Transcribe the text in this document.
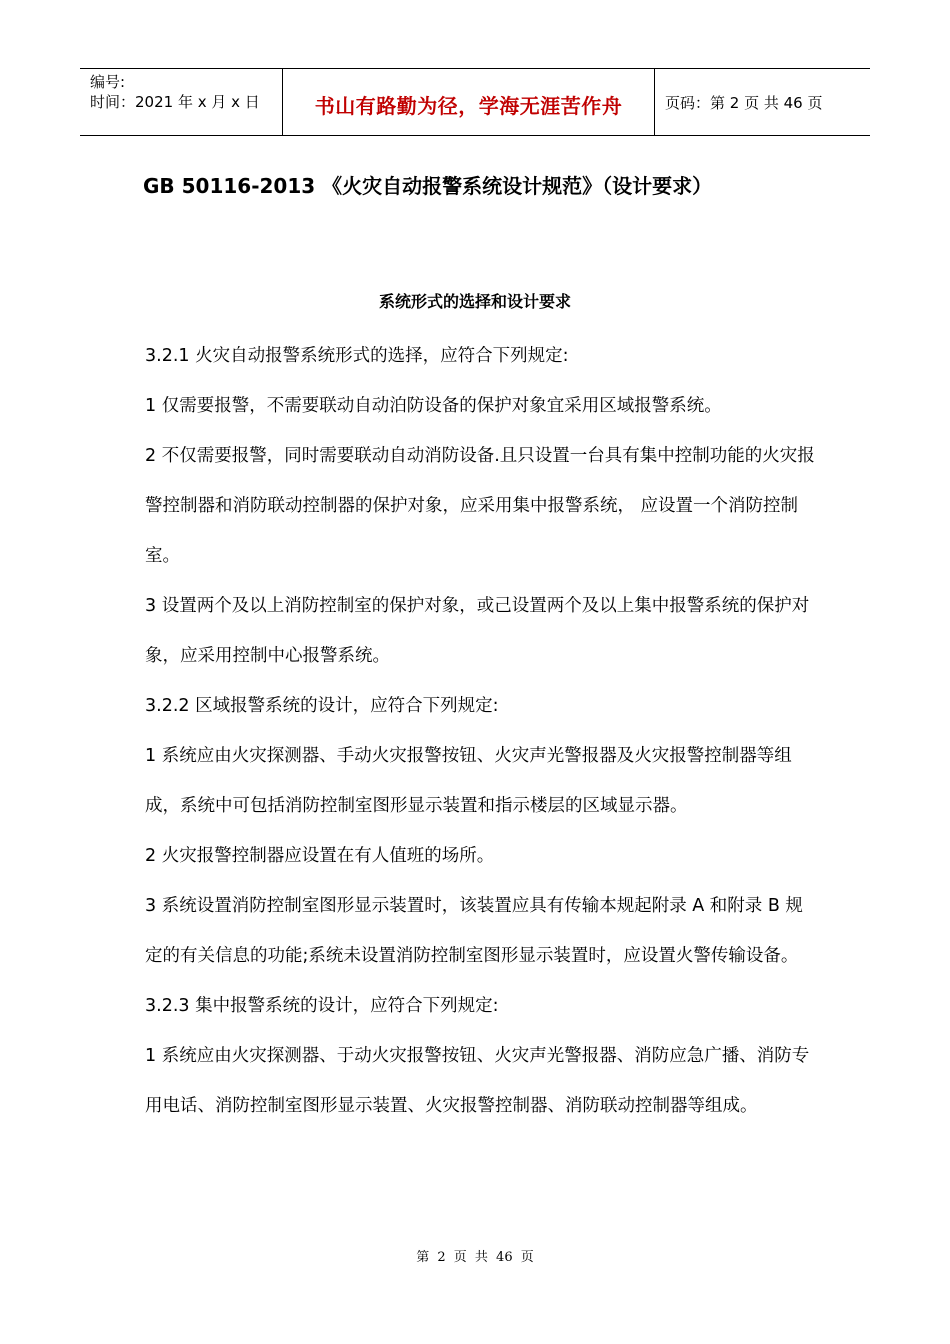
编号:
时间：2021 年 x 月 x 日	书山有路勤为径，学海无涯苦作舟	页码：第 2 页 共 46 页
GB 50116-2013 《火灾自动报警系统设计规范》（设计要求）
系统形式的选择和设计要求

3.2.1 火灾自动报警系统形式的选择，应符合下列规定:

1 仅需要报警，不需要联动自动泊防设备的保护对象宜采用区域报警系统。

2 不仅需要报警，同时需要联动自动消防设备.且只设置一台具有集中控制功能的火灾报警控制器和消防联动控制器的保护对象，应采用集中报警系统， 应设置一个消防控制室。

3 设置两个及以上消防控制室的保护对象，或己设置两个及以上集中报警系统的保护对象，应采用控制中心报警系统。

3.2.2 区域报警系统的设计，应符合下列规定:

1 系统应由火灾探测器、手动火灾报警按钮、火灾声光警报器及火灾报警控制器等组成，系统中可包括消防控制室图形显示装置和指示楼层的区域显示器。

2 火灾报警控制器应设置在有人值班的场所。

3 系统设置消防控制室图形显示装置时，该装置应具有传输本规起附录 A 和附录 B 规定的有关信息的功能;系统未设置消防控制室图形显示装置时，应设置火警传输设备。

3.2.3 集中报警系统的设计，应符合下列规定:

1 系统应由火灾探测器、于动火灾报警按钮、火灾声光警报器、消防应急广播、消防专用电话、消防控制室图形显示装置、火灾报警控制器、消防联动控制器等组成。

第 2 页 共 46 页
